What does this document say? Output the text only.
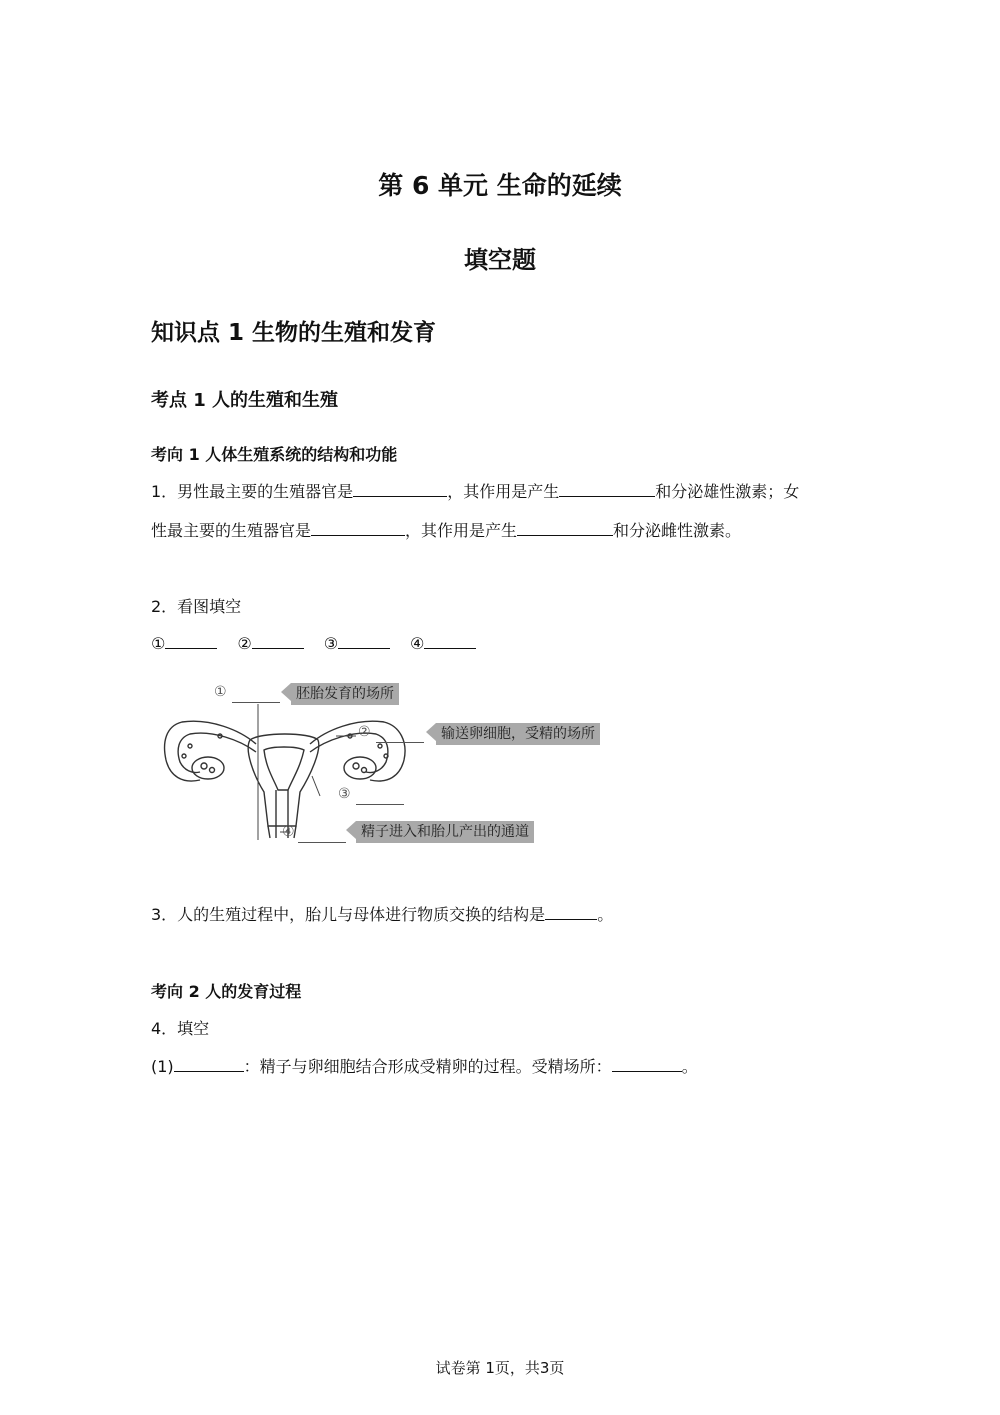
第 6 单元 生命的延续
填空题
知识点 1 生物的生殖和发育
考点 1 人的生殖和生殖
考向 1 人体生殖系统的结构和功能
1．男性最主要的生殖器官是	，其作用是产生	和分泌雄性激素；女
性最主要的生殖器官是	，其作用是产生	和分泌雌性激素。
2．看图填空
①	②	③	④
①	胚胎发育的场所
②	输送卵细胞，受精的场所
③
④	精子进入和胎儿产出的通道
3．人的生殖过程中，胎儿与母体进行物质交换的结构是	。
考向 2 人的发育过程
4．填空
(1)	：精子与卵细胞结合形成受精卵的过程。受精场所：	。
试卷第 1页，共3页
